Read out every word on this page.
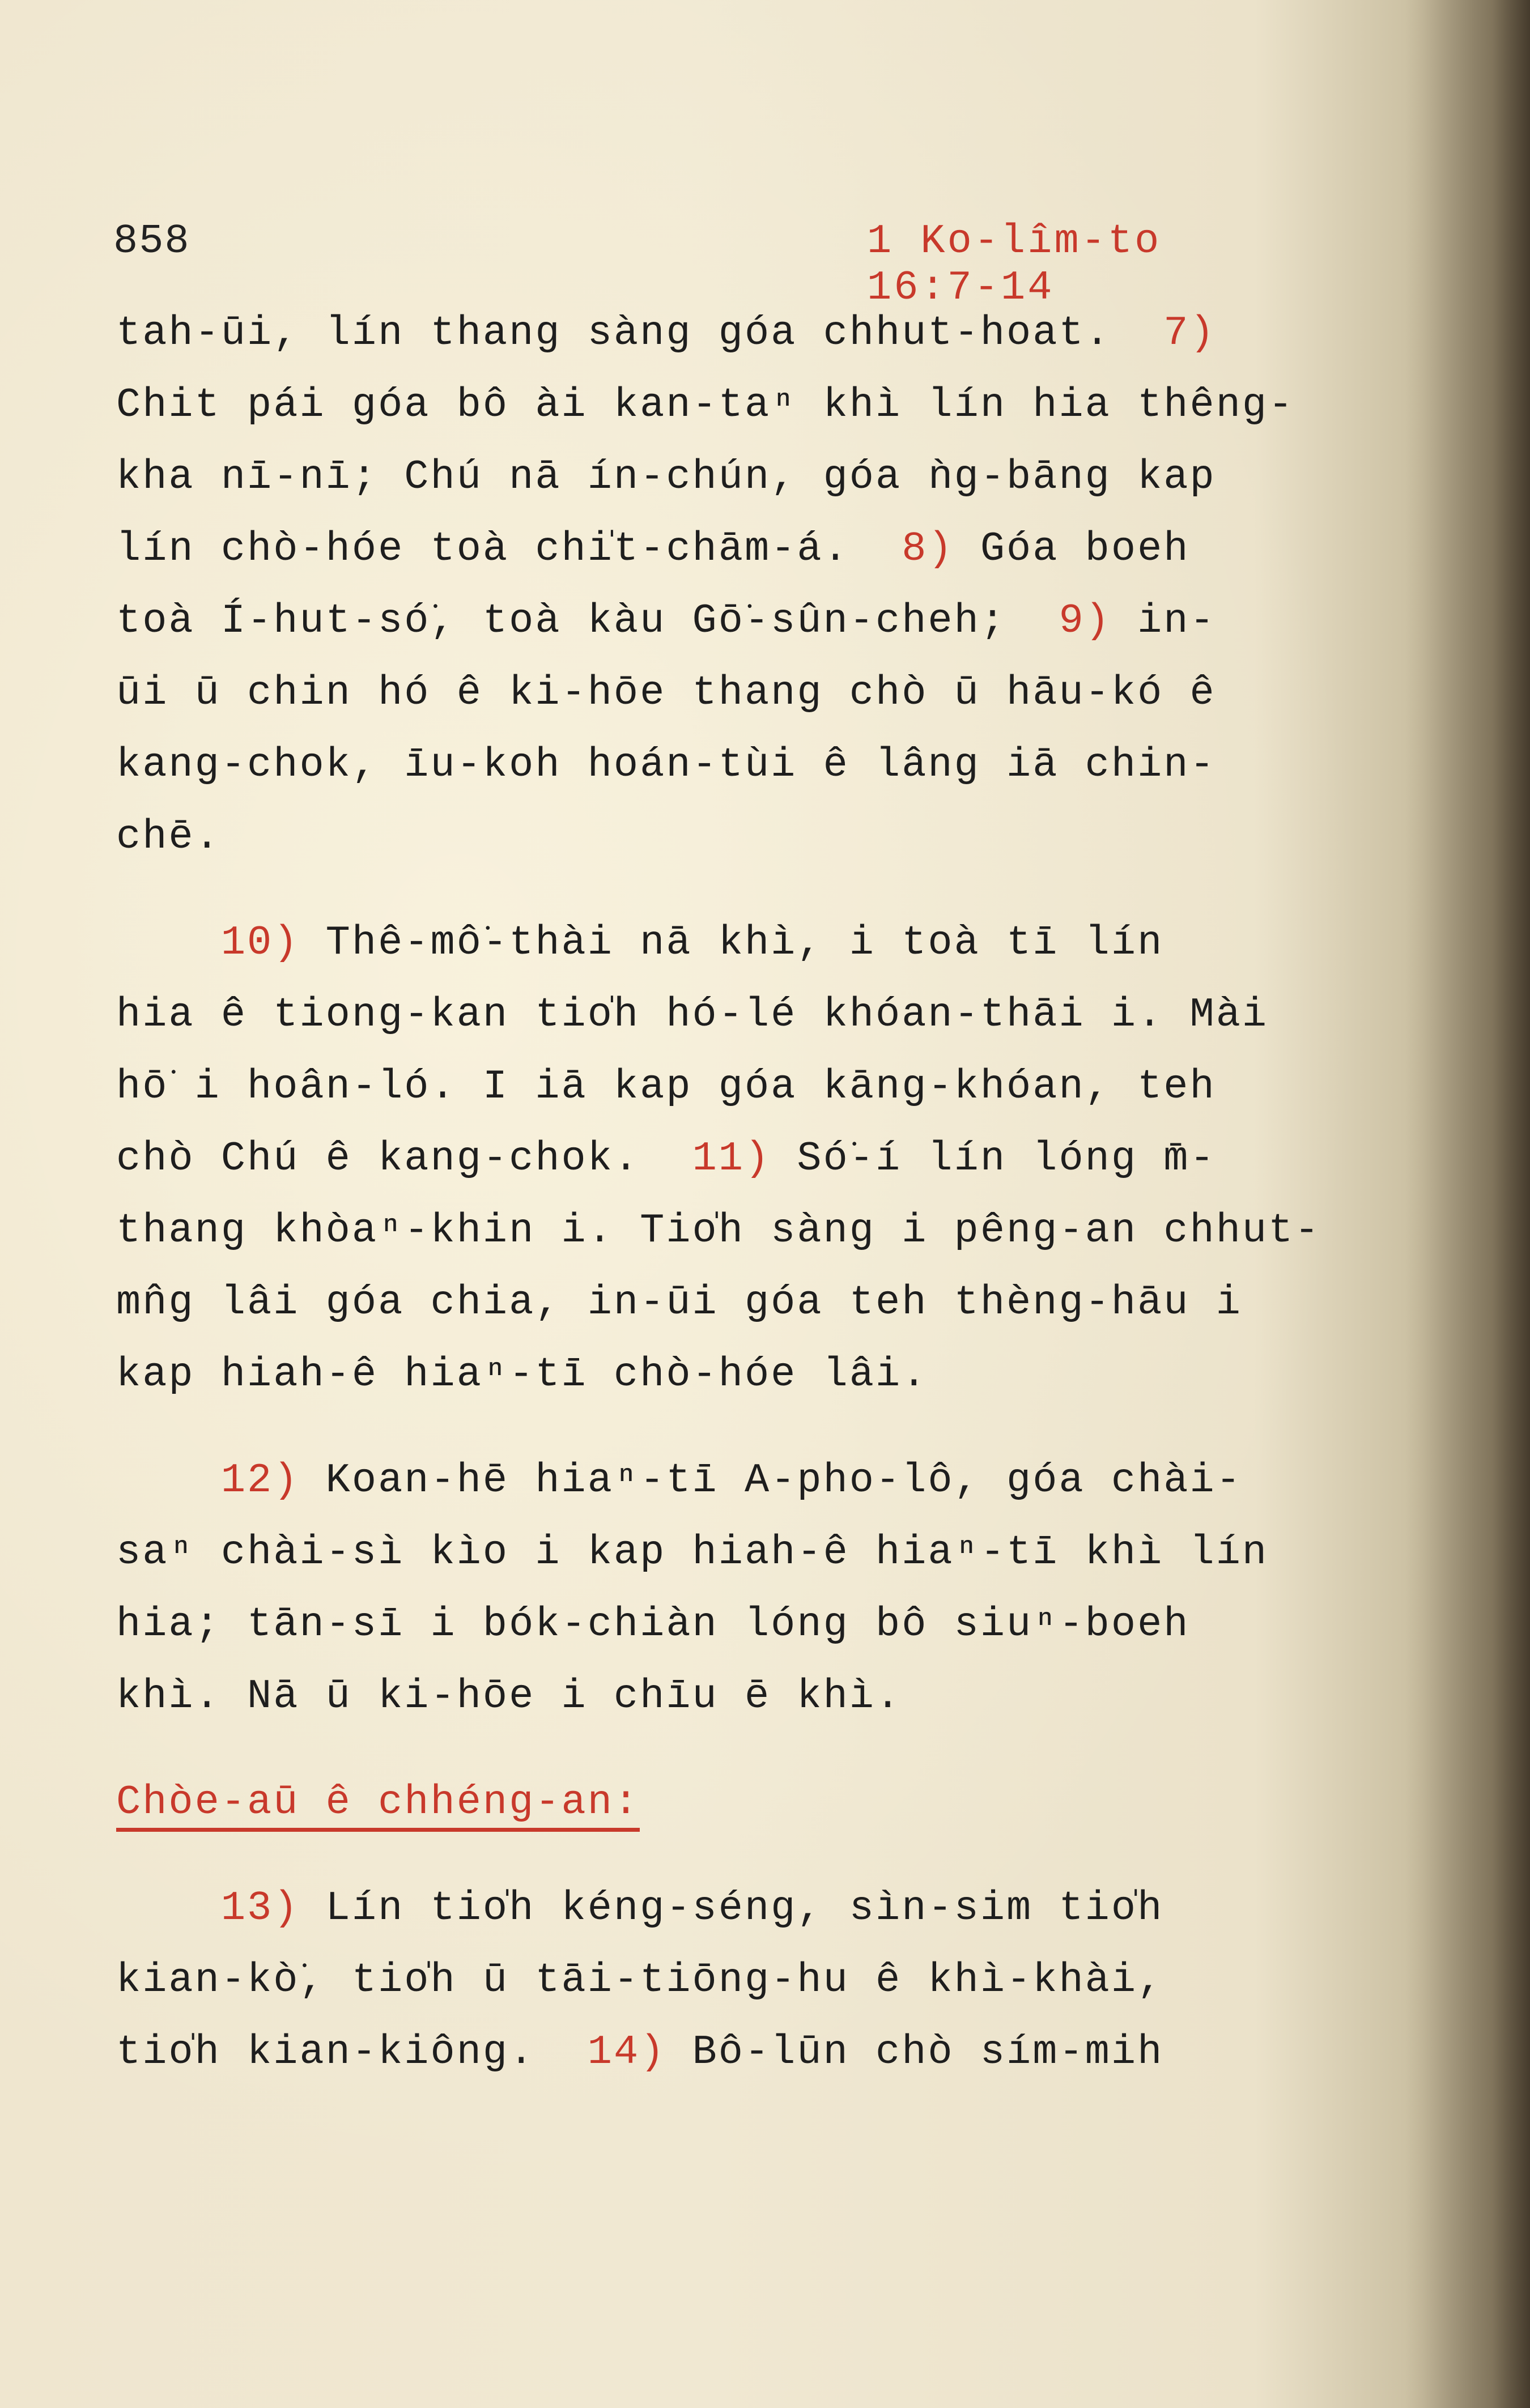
858	1 Ko-lîm-to 16:7-14
tah-ūi, lín thang sàng góa chhut-hoat.  7)
Chit pái góa bô ài kan-taⁿ khì lín hia thêng-
kha nī-nī; Chú nā ín-chún, góa ǹg-bāng kap
lín chò-hóe toà chi̍t-chām-á.  8) Góa boeh
toà Í-hut-só͘, toà kàu Gō͘-sûn-cheh;  9) in-
ūi ū chin hó ê ki-hōe thang chò ū hāu-kó ê
kang-chok, īu-koh hoán-tùi ê lâng iā chin-
chē.
10) Thê-mô͘-thài nā khì, i toà tī lín
hia ê tiong-kan tio̍h hó-lé khóan-thāi i. Mài
hō͘ i hoân-ló. I iā kap góa kāng-khóan, teh
chò Chú ê kang-chok.  11) Só͘-í lín lóng m̄-
thang khòaⁿ-khin i. Tio̍h sàng i pêng-an chhut-
mn̂g lâi góa chia, in-ūi góa teh thèng-hāu i
kap hiah-ê hiaⁿ-tī chò-hóe lâi.
12) Koan-hē hiaⁿ-tī A-pho-lô, góa chài-
saⁿ chài-sì kìo i kap hiah-ê hiaⁿ-tī khì lín
hia; tān-sī i bók-chiàn lóng bô siuⁿ-boeh
khì. Nā ū ki-hōe i chīu ē khì.
Chòe-aū ê chhéng-an:
13) Lín tio̍h kéng-séng, sìn-sim tio̍h
kian-kò͘, tio̍h ū tāi-tiōng-hu ê khì-khài,
tio̍h kian-kiông.  14) Bô-lūn chò sím-mih
